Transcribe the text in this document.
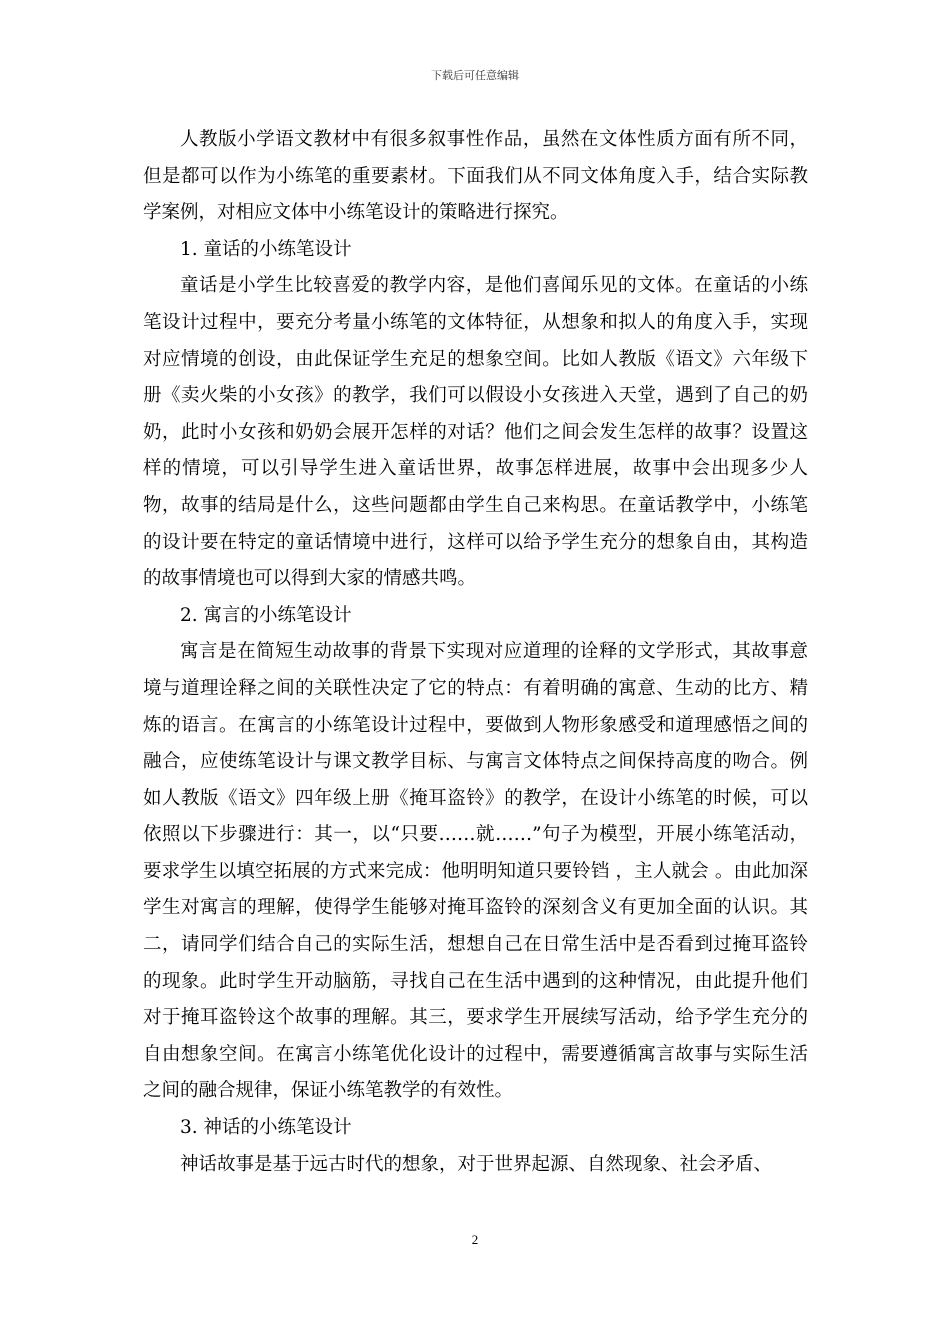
下载后可任意编辑

人教版小学语文教材中有很多叙事性作品，虽然在文体性质方面有所不同，但是都可以作为小练笔的重要素材。下面我们从不同文体角度入手，结合实际教学案例，对相应文体中小练笔设计的策略进行探究。

1. 童话的小练笔设计

童话是小学生比较喜爱的教学内容，是他们喜闻乐见的文体。在童话的小练笔设计过程中，要充分考量小练笔的文体特征，从想象和拟人的角度入手，实现对应情境的创设，由此保证学生充足的想象空间。比如人教版《语文》六年级下册《卖火柴的小女孩》的教学，我们可以假设小女孩进入天堂，遇到了自己的奶奶，此时小女孩和奶奶会展开怎样的对话？他们之间会发生怎样的故事？设置这样的情境，可以引导学生进入童话世界，故事怎样进展，故事中会出现多少人物，故事的结局是什么，这些问题都由学生自己来构思。在童话教学中，小练笔的设计要在特定的童话情境中进行，这样可以给予学生充分的想象自由，其构造的故事情境也可以得到大家的情感共鸣。

2. 寓言的小练笔设计

寓言是在简短生动故事的背景下实现对应道理的诠释的文学形式，其故事意境与道理诠释之间的关联性决定了它的特点：有着明确的寓意、生动的比方、精炼的语言。在寓言的小练笔设计过程中，要做到人物形象感受和道理感悟之间的融合，应使练笔设计与课文教学目标、与寓言文体特点之间保持高度的吻合。例如人教版《语文》四年级上册《掩耳盗铃》的教学，在设计小练笔的时候，可以依照以下步骤进行：其一，以“只要……就……”句子为模型，开展小练笔活动，要求学生以填空拓展的方式来完成：他明明知道只要铃铛 ，主人就会 。由此加深学生对寓言的理解，使得学生能够对掩耳盗铃的深刻含义有更加全面的认识。其二，请同学们结合自己的实际生活，想想自己在日常生活中是否看到过掩耳盗铃的现象。此时学生开动脑筋，寻找自己在生活中遇到的这种情况，由此提升他们对于掩耳盗铃这个故事的理解。其三，要求学生开展续写活动，给予学生充分的自由想象空间。在寓言小练笔优化设计的过程中，需要遵循寓言故事与实际生活之间的融合规律，保证小练笔教学的有效性。

3. 神话的小练笔设计

神话故事是基于远古时代的想象，对于世界起源、自然现象、社会矛盾、

2
